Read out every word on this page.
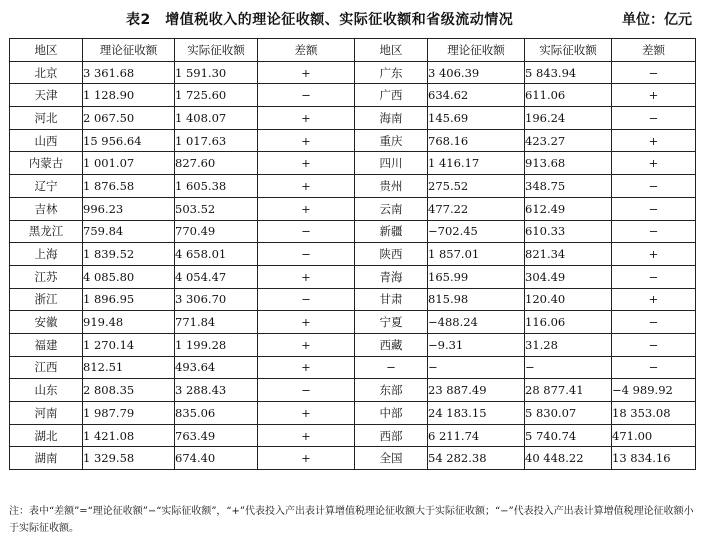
表2　增值税收入的理论征收额、实际征收额和省级流动情况	单位：亿元
地区	理论征收额	实际征收额	差额	地区	理论征收额	实际征收额	差额
北京	3 361.68	1 591.30	+	广东	3 406.39	5 843.94	−
天津	1 128.90	1 725.60	−	广西	634.62	611.06	+
河北	2 067.50	1 408.07	+	海南	145.69	196.24	−
山西	15 956.64	1 017.63	+	重庆	768.16	423.27	+
内蒙古	1 001.07	827.60	+	四川	1 416.17	913.68	+
辽宁	1 876.58	1 605.38	+	贵州	275.52	348.75	−
吉林	996.23	503.52	+	云南	477.22	612.49	−
黑龙江	759.84	770.49	−	新疆	−702.45	610.33	−
上海	1 839.52	4 658.01	−	陕西	1 857.01	821.34	+
江苏	4 085.80	4 054.47	+	青海	165.99	304.49	−
浙江	1 896.95	3 306.70	−	甘肃	815.98	120.40	+
安徽	919.48	771.84	+	宁夏	−488.24	116.06	−
福建	1 270.14	1 199.28	+	西藏	−9.31	31.28	−
江西	812.51	493.64	+	−	−	−	−
山东	2 808.35	3 288.43	−	东部	23 887.49	28 877.41	−4 989.92
河南	1 987.79	835.06	+	中部	24 183.15	5 830.07	18 353.08
湖北	1 421.08	763.49	+	西部	6 211.74	5 740.74	471.00
湖南	1 329.58	674.40	+	全国	54 282.38	40 448.22	13 834.16
注：表中“差额”=“理论征收额”−“实际征收额”，“+”代表投入产出表计算增值税理论征收额大于实际征收额；“−”代表投入产出表计算增值税理论征收额小于实际征收额。
